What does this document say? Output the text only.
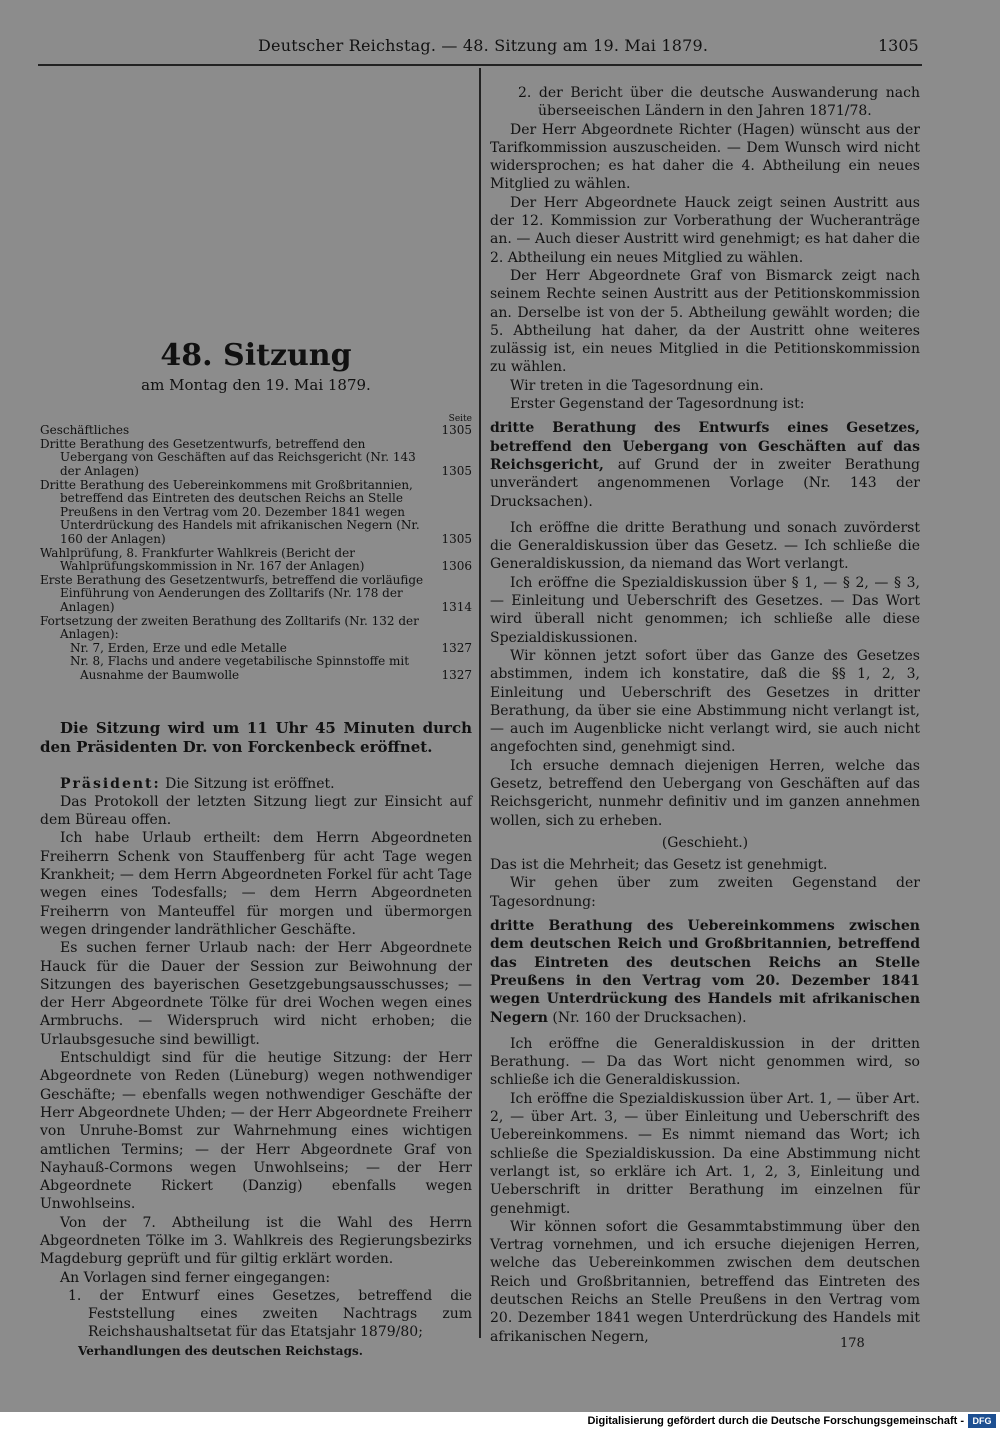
Deutscher Reichstag. — 48. Sitzung am 19. Mai 1879.	1305
48. Sitzung
am Montag den 19. Mai 1879.
Seite
Geschäftliches	1305
Dritte Berathung des Gesetzentwurfs, betreffend den Uebergang von Geschäften auf das Reichsgericht (Nr. 143 der Anlagen)	1305
Dritte Berathung des Uebereinkommens mit Großbritannien, betreffend das Eintreten des deutschen Reichs an Stelle Preußens in den Vertrag vom 20. Dezember 1841 wegen Unterdrückung des Handels mit afrikanischen Negern (Nr. 160 der Anlagen)	1305
Wahlprüfung, 8. Frankfurter Wahlkreis (Bericht der Wahlprüfungskommission in Nr. 167 der Anlagen)	1306
Erste Berathung des Gesetzentwurfs, betreffend die vorläufige Einführung von Aenderungen des Zolltarifs (Nr. 178 der Anlagen)	1314
Fortsetzung der zweiten Berathung des Zolltarifs (Nr. 132 der Anlagen):
Nr. 7, Erden, Erze und edle Metalle	1327
Nr. 8, Flachs und andere vegetabilische Spinnstoffe mit Ausnahme der Baumwolle	1327

Die Sitzung wird um 11 Uhr 45 Minuten durch den Präsidenten Dr. von Forckenbeck eröffnet.

Präsident: Die Sitzung ist eröffnet.

Das Protokoll der letzten Sitzung liegt zur Einsicht auf dem Büreau offen.

Ich habe Urlaub ertheilt: dem Herrn Abgeordneten Freiherrn Schenk von Stauffenberg für acht Tage wegen Krankheit; — dem Herrn Abgeordneten Forkel für acht Tage wegen eines Todesfalls; — dem Herrn Abgeordneten Freiherrn von Manteuffel für morgen und übermorgen wegen dringender landräthlicher Geschäfte.

Es suchen ferner Urlaub nach: der Herr Abgeordnete Hauck für die Dauer der Session zur Beiwohnung der Sitzungen des bayerischen Gesetzgebungsausschusses; — der Herr Abgeordnete Tölke für drei Wochen wegen eines Armbruchs. — Widerspruch wird nicht erhoben; die Urlaubsgesuche sind bewilligt.

Entschuldigt sind für die heutige Sitzung: der Herr Abgeordnete von Reden (Lüneburg) wegen nothwendiger Geschäfte; — ebenfalls wegen nothwendiger Geschäfte der Herr Abgeordnete Uhden; — der Herr Abgeordnete Freiherr von Unruhe-Bomst zur Wahrnehmung eines wichtigen amtlichen Termins; — der Herr Abgeordnete Graf von Nayhauß-Cormons wegen Unwohlseins; — der Herr Abgeordnete Rickert (Danzig) ebenfalls wegen Unwohlseins.

Von der 7. Abtheilung ist die Wahl des Herrn Abgeordneten Tölke im 3. Wahlkreis des Regierungsbezirks Magdeburg geprüft und für giltig erklärt worden.

An Vorlagen sind ferner eingegangen:

1. der Entwurf eines Gesetzes, betreffend die Feststellung eines zweiten Nachtrags zum Reichshaushaltsetat für das Etatsjahr 1879/80;

2. der Bericht über die deutsche Auswanderung nach überseeischen Ländern in den Jahren 1871/78.

Der Herr Abgeordnete Richter (Hagen) wünscht aus der Tarifkommission auszuscheiden. — Dem Wunsch wird nicht widersprochen; es hat daher die 4. Abtheilung ein neues Mitglied zu wählen.

Der Herr Abgeordnete Hauck zeigt seinen Austritt aus der 12. Kommission zur Vorberathung der Wucheranträge an. — Auch dieser Austritt wird genehmigt; es hat daher die 2. Abtheilung ein neues Mitglied zu wählen.

Der Herr Abgeordnete Graf von Bismarck zeigt nach seinem Rechte seinen Austritt aus der Petitionskommission an. Derselbe ist von der 5. Abtheilung gewählt worden; die 5. Abtheilung hat daher, da der Austritt ohne weiteres zulässig ist, ein neues Mitglied in die Petitionskommission zu wählen.

Wir treten in die Tagesordnung ein.

Erster Gegenstand der Tagesordnung ist:

dritte Berathung des Entwurfs eines Gesetzes, betreffend den Uebergang von Geschäften auf das Reichsgericht, auf Grund der in zweiter Berathung unverändert angenommenen Vorlage (Nr. 143 der Drucksachen).

Ich eröffne die dritte Berathung und sonach zuvörderst die Generaldiskussion über das Gesetz. — Ich schließe die Generaldiskussion, da niemand das Wort verlangt.

Ich eröffne die Spezialdiskussion über § 1, — § 2, — § 3, — Einleitung und Ueberschrift des Gesetzes. — Das Wort wird überall nicht genommen; ich schließe alle diese Spezialdiskussionen.

Wir können jetzt sofort über das Ganze des Gesetzes abstimmen, indem ich konstatire, daß die §§ 1, 2, 3, Einleitung und Ueberschrift des Gesetzes in dritter Berathung, da über sie eine Abstimmung nicht verlangt ist, — auch im Augenblicke nicht verlangt wird, sie auch nicht angefochten sind, genehmigt sind.

Ich ersuche demnach diejenigen Herren, welche das Gesetz, betreffend den Uebergang von Geschäften auf das Reichsgericht, nunmehr definitiv und im ganzen annehmen wollen, sich zu erheben.

(Geschieht.)

Das ist die Mehrheit; das Gesetz ist genehmigt.

Wir gehen über zum zweiten Gegenstand der Tagesordnung:

dritte Berathung des Uebereinkommens zwischen dem deutschen Reich und Großbritannien, betreffend das Eintreten des deutschen Reichs an Stelle Preußens in den Vertrag vom 20. Dezember 1841 wegen Unterdrückung des Handels mit afrikanischen Negern (Nr. 160 der Drucksachen).

Ich eröffne die Generaldiskussion in der dritten Berathung. — Da das Wort nicht genommen wird, so schließe ich die Generaldiskussion.

Ich eröffne die Spezialdiskussion über Art. 1, — über Art. 2, — über Art. 3, — über Einleitung und Ueberschrift des Uebereinkommens. — Es nimmt niemand das Wort; ich schließe die Spezialdiskussion. Da eine Abstimmung nicht verlangt ist, so erkläre ich Art. 1, 2, 3, Einleitung und Ueberschrift in dritter Berathung im einzelnen für genehmigt.

Wir können sofort die Gesammtabstimmung über den Vertrag vornehmen, und ich ersuche diejenigen Herren, welche das Uebereinkommen zwischen dem deutschen Reich und Großbritannien, betreffend das Eintreten des deutschen Reichs an Stelle Preußens in den Vertrag vom 20. Dezember 1841 wegen Unterdrückung des Handels mit afrikanischen Negern,

Verhandlungen des deutschen Reichstags.	178
Digitalisierung gefördert durch die Deutsche Forschungsgemeinschaft - DFG
